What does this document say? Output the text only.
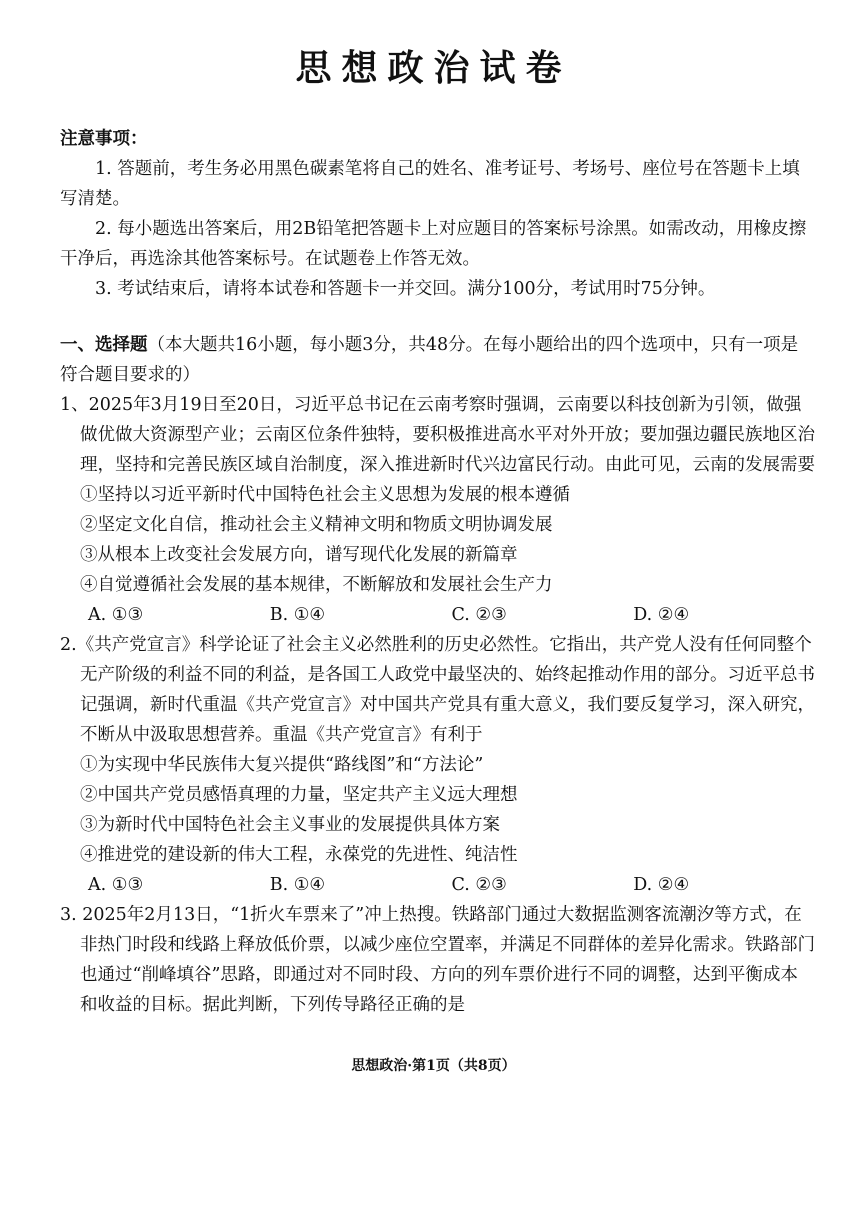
思想政治试卷
注意事项：

1. 答题前，考生务必用黑色碳素笔将自己的姓名、准考证号、考场号、座位号在答题卡上填写清楚。

2. 每小题选出答案后，用2B铅笔把答题卡上对应题目的答案标号涂黑。如需改动，用橡皮擦干净后，再选涂其他答案标号。在试题卷上作答无效。

3. 考试结束后，请将本试卷和答题卡一并交回。满分100分，考试用时75分钟。

一、选择题（本大题共16小题，每小题3分，共48分。在每小题给出的四个选项中，只有一项是符合题目要求的）
1、2025年3月19日至20日，习近平总书记在云南考察时强调，云南要以科技创新为引领，做强做优做大资源型产业；云南区位条件独特，要积极推进高水平对外开放；要加强边疆民族地区治理，坚持和完善民族区域自治制度，深入推进新时代兴边富民行动。由此可见，云南的发展需要
①坚持以习近平新时代中国特色社会主义思想为发展的根本遵循
②坚定文化自信，推动社会主义精神文明和物质文明协调发展
③从根本上改变社会发展方向，谱写现代化发展的新篇章
④自觉遵循社会发展的基本规律，不断解放和发展社会生产力
A. ①③	B. ①④	C. ②③	D. ②④
2.《共产党宣言》科学论证了社会主义必然胜利的历史必然性。它指出，共产党人没有任何同整个无产阶级的利益不同的利益，是各国工人政党中最坚决的、始终起推动作用的部分。习近平总书记强调，新时代重温《共产党宣言》对中国共产党具有重大意义，我们要反复学习，深入研究，不断从中汲取思想营养。重温《共产党宣言》有利于
①为实现中华民族伟大复兴提供“路线图”和“方法论”
②中国共产党员感悟真理的力量，坚定共产主义远大理想
③为新时代中国特色社会主义事业的发展提供具体方案
④推进党的建设新的伟大工程，永葆党的先进性、纯洁性
A. ①③	B. ①④	C. ②③	D. ②④
3. 2025年2月13日，“1折火车票来了”冲上热搜。铁路部门通过大数据监测客流潮汐等方式，在非热门时段和线路上释放低价票，以减少座位空置率，并满足不同群体的差异化需求。铁路部门也通过“削峰填谷”思路，即通过对不同时段、方向的列车票价进行不同的调整，达到平衡成本和收益的目标。据此判断，下列传导路径正确的是
思想政治·第1页（共8页）
